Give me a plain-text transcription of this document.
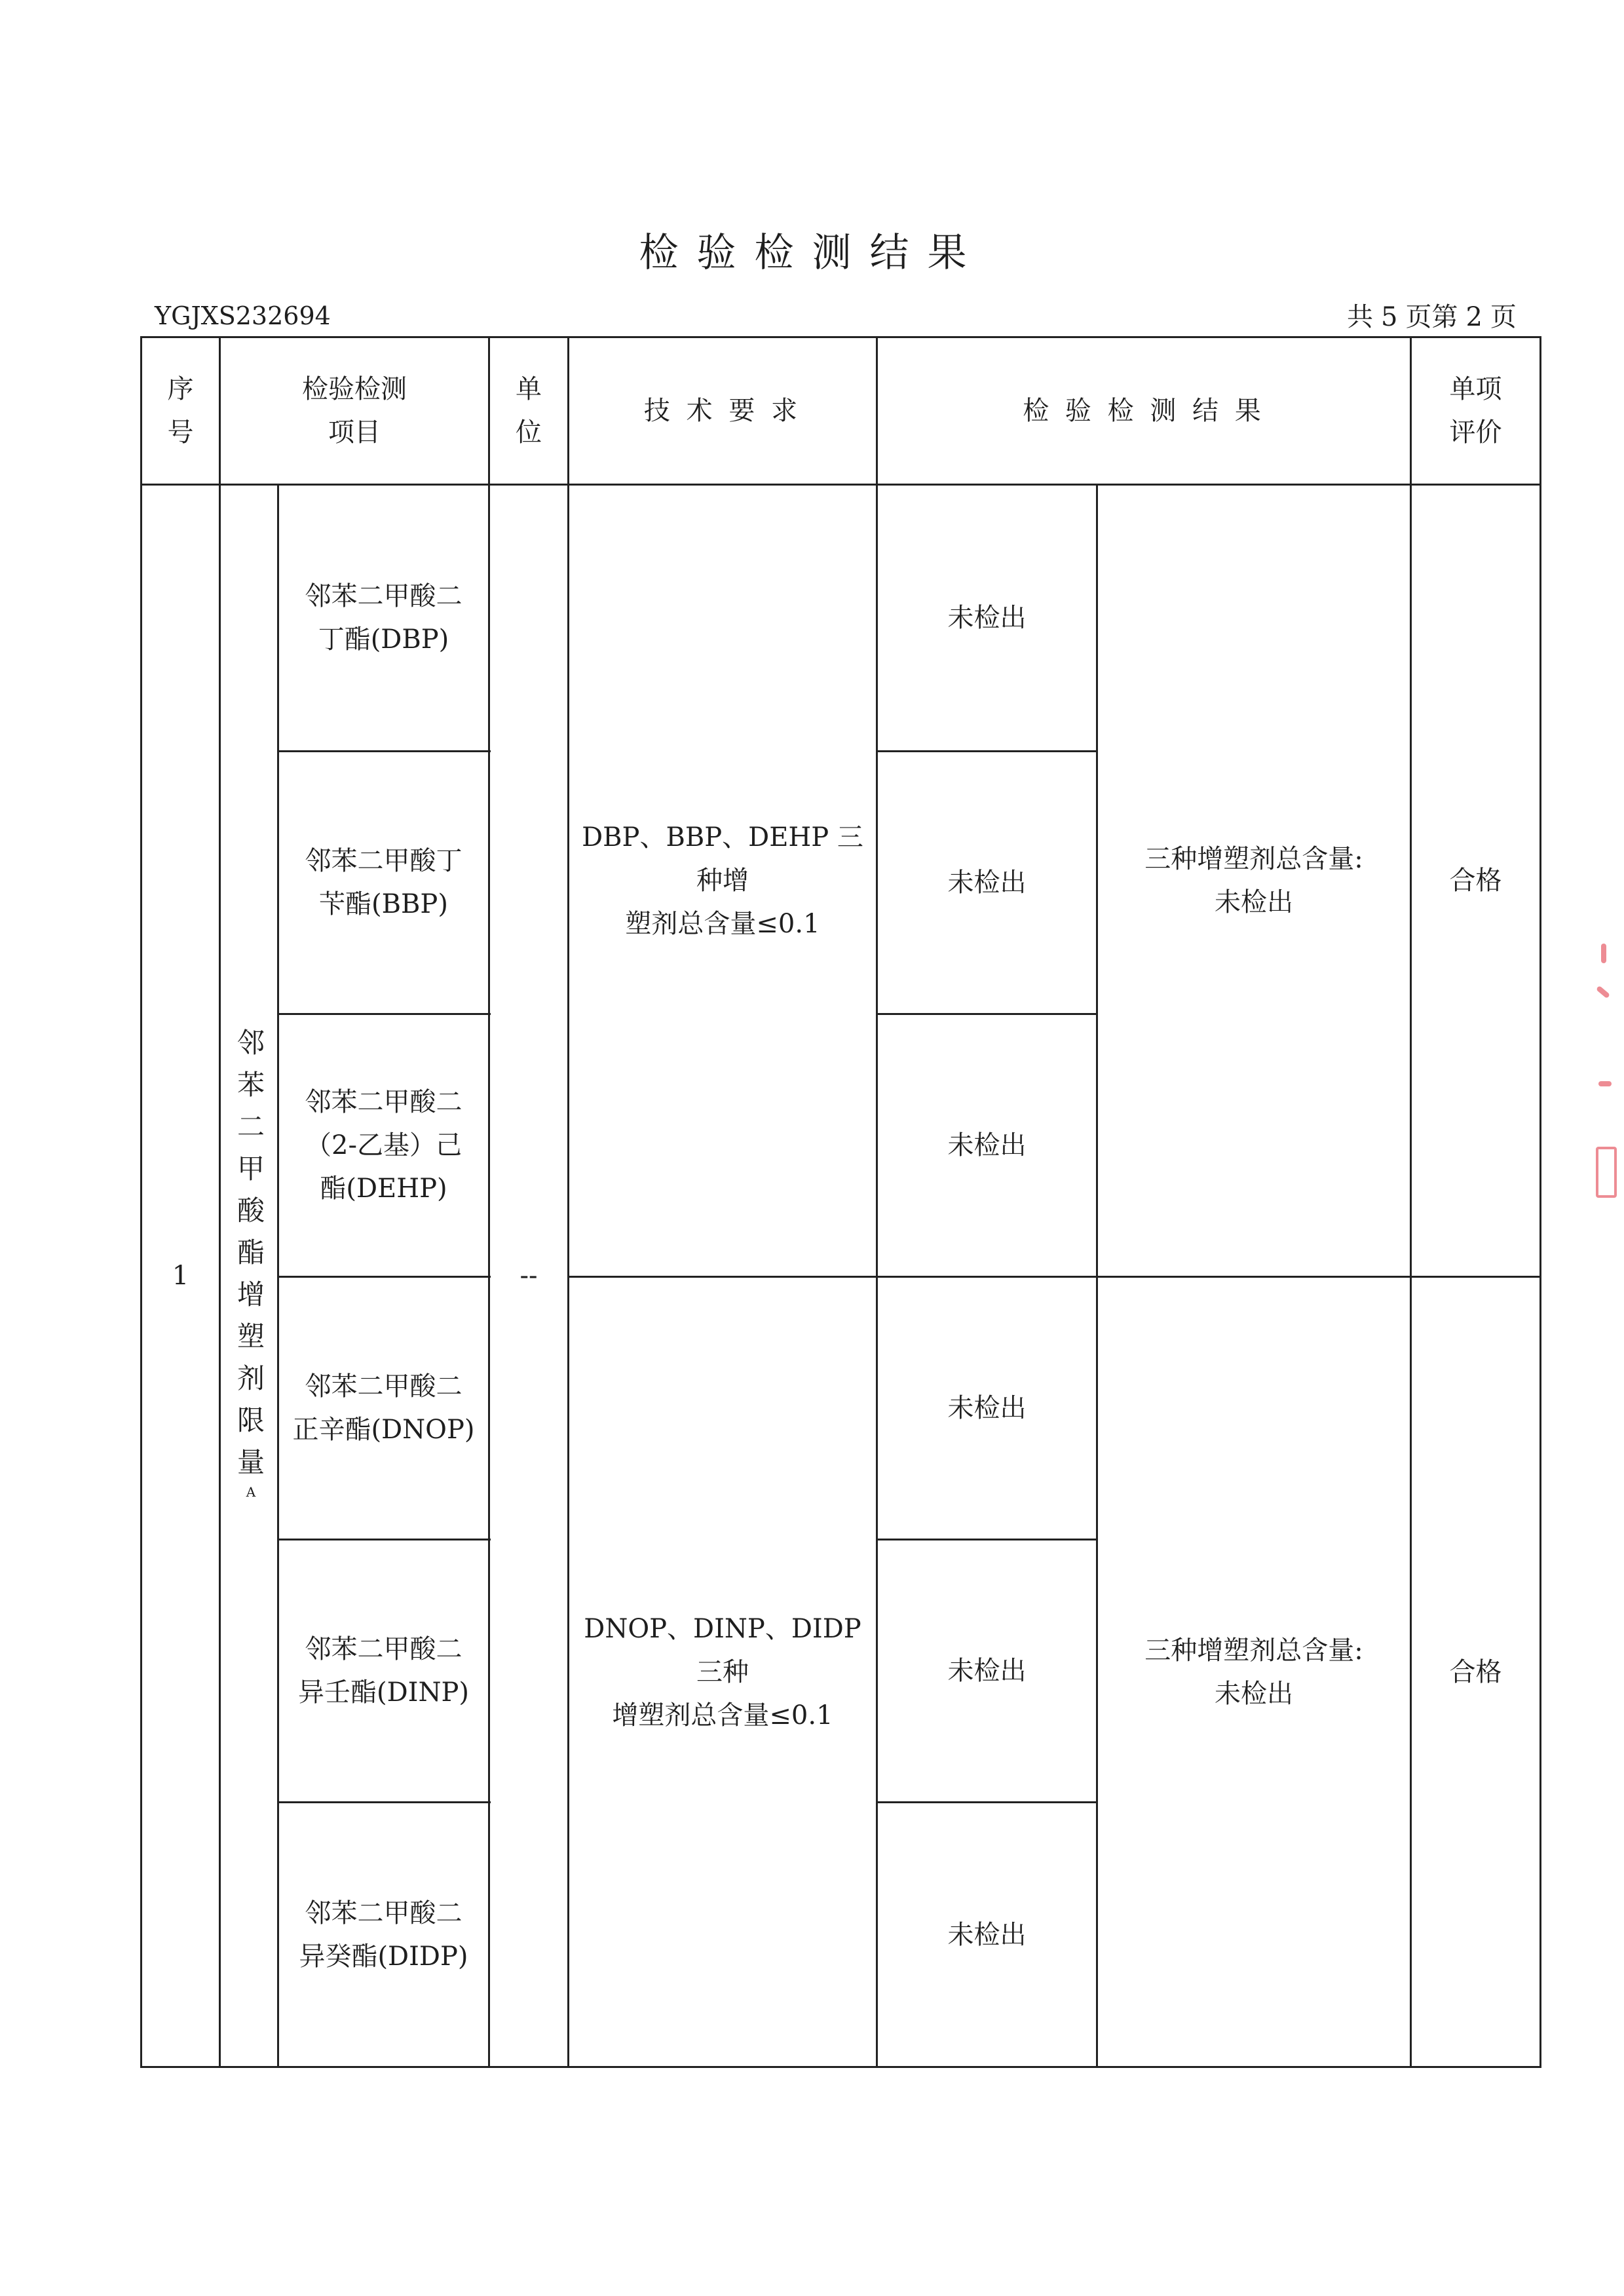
检验检测结果
YGJXS232694	共 5 页第 2 页
序
号
检验检测
项目
单
位
技 术 要 求	检 验 检 测 结 果
单项
评价
1
邻
苯
二
甲
酸
酯
增
塑
剂
限
量
A
邻苯二甲酸二
丁酯(DBP)
邻苯二甲酸丁
苄酯(BBP)
邻苯二甲酸二
（2-乙基）己
酯(DEHP)
邻苯二甲酸二
正辛酯(DNOP)
邻苯二甲酸二
异壬酯(DINP)
邻苯二甲酸二
异癸酯(DIDP)
--
DBP、BBP、DEHP 三种增
塑剂总含量≤0.1
DNOP、DINP、DIDP 三种
增塑剂总含量≤0.1
未检出
未检出
未检出
未检出
未检出
未检出
三种增塑剂总含量:
未检出
三种增塑剂总含量:
未检出
合格
合格
